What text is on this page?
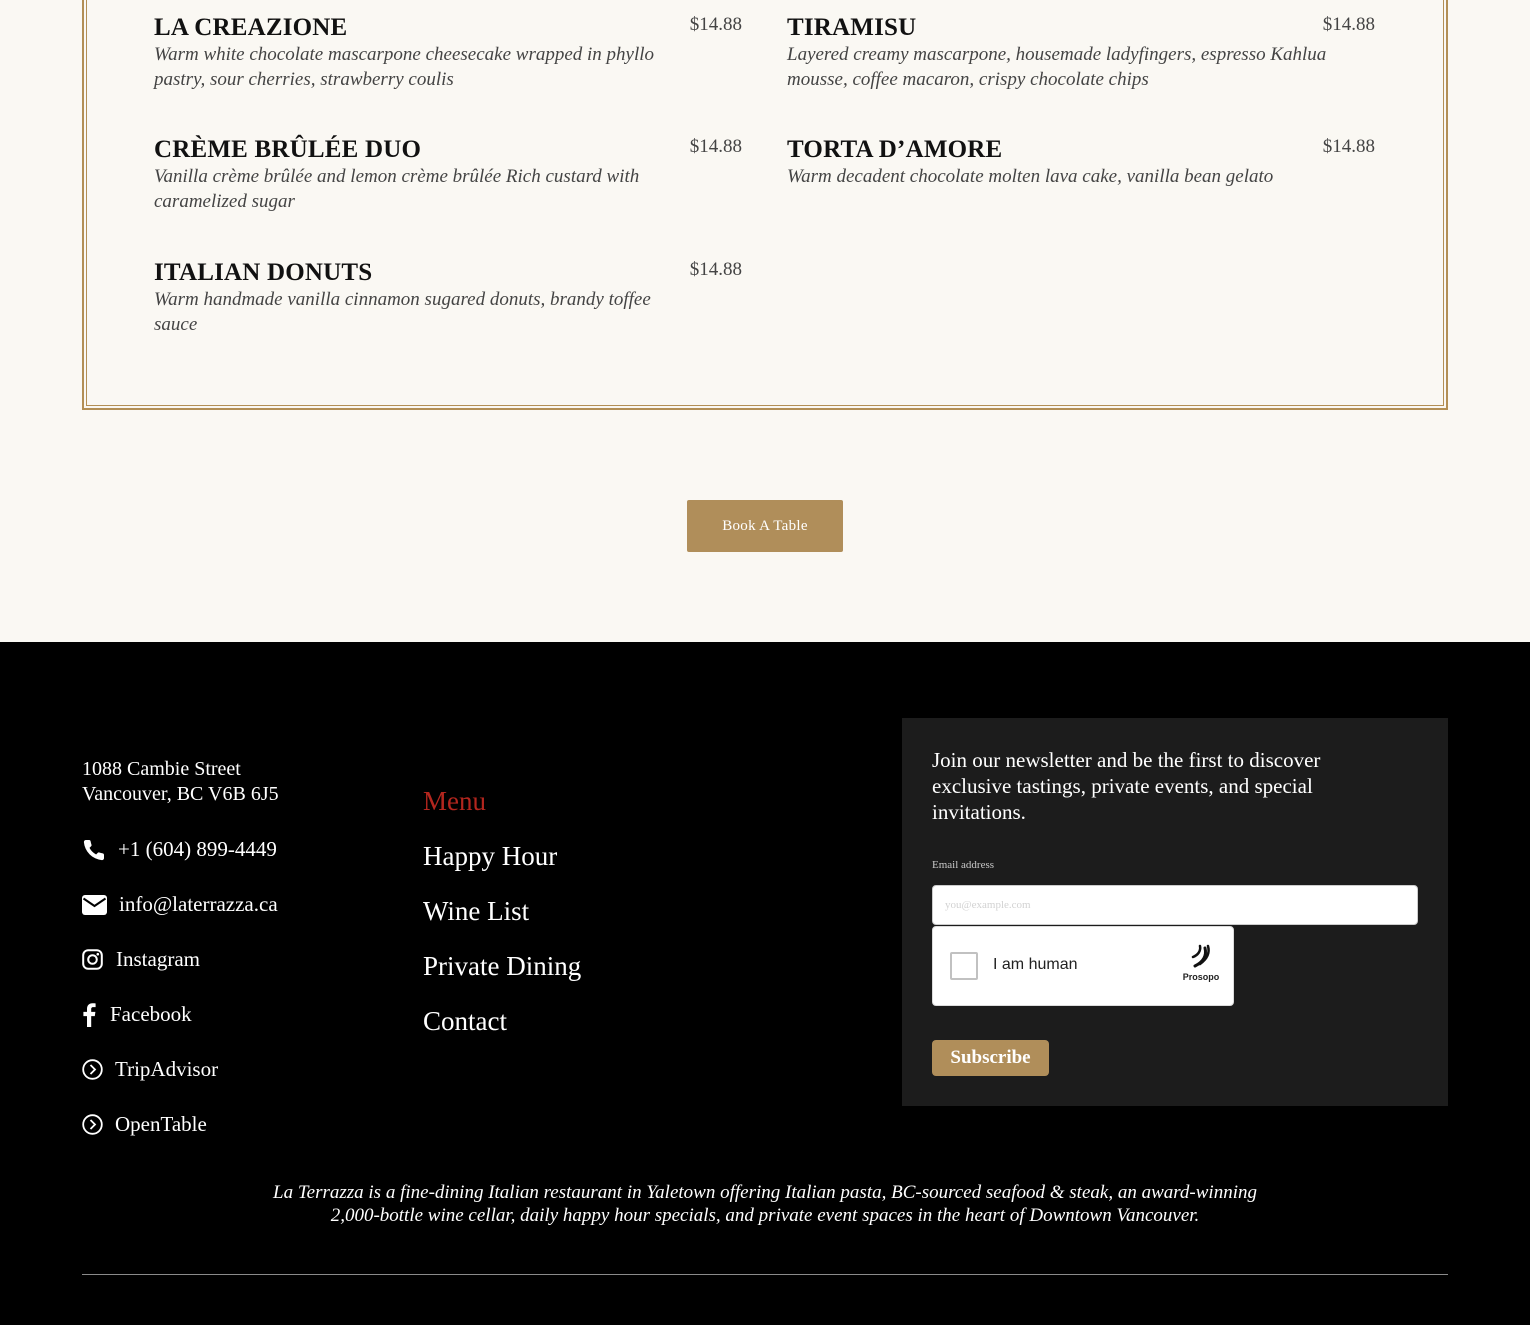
LA CREAZIONE	$14.88
Warm white chocolate mascarpone cheesecake wrapped in phyllo pastry, sour cherries, strawberry coulis
TIRAMISU	$14.88
Layered creamy mascarpone, housemade ladyfingers, espresso Kahlua mousse, coffee macaron, crispy chocolate chips
CRÈME BRÛLÉE DUO	$14.88
Vanilla crème brûlée and lemon crème brûlée Rich custard with caramelized sugar
TORTA D’AMORE	$14.88
Warm decadent chocolate molten lava cake, vanilla bean gelato
ITALIAN DONUTS	$14.88
Warm handmade vanilla cinnamon sugared donuts, brandy toffee sauce
Book A Table
1088 Cambie Street
Vancouver, BC V6B 6J5
+1 (604) 899-4449
info@laterrazza.ca
Instagram
Facebook
TripAdvisor
OpenTable
Menu
Happy Hour
Wine List
Private Dining
Contact

Join our newsletter and be the first to discover exclusive tastings, private events, and special invitations.

Email address
you@example.com
I am human
Prosopo
Subscribe

La Terrazza is a fine-dining Italian restaurant in Yaletown offering Italian pasta, BC-sourced seafood & steak, an award-winning 2,000-bottle wine cellar, daily happy hour specials, and private event spaces in the heart of Downtown Vancouver.
